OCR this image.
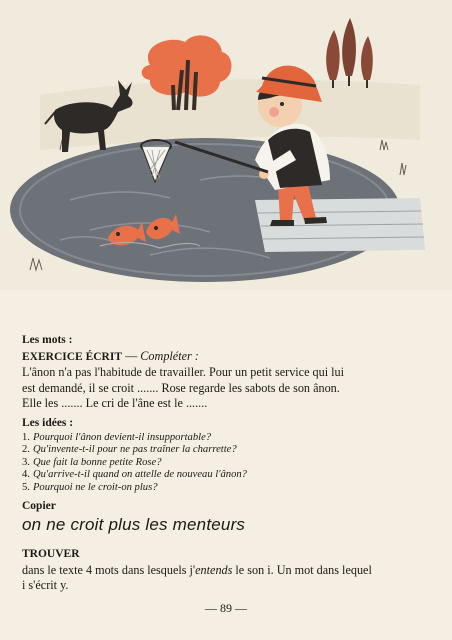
Les mots :
EXERCICE ÉCRIT — Compléter :
L'ânon n'a pas l'habitude de travailler. Pour un petit service qui lui
est demandé, il se croit ....... Rose regarde les sabots de son ânon.
Elle les ....... Le cri de l'âne est le .......
Les idées :
1. Pourquoi l'ânon devient-il insupportable?
2. Qu'invente-t-il pour ne pas traîner la charrette?
3. Que fait la bonne petite Rose?
4. Qu'arrive-t-il quand on attelle de nouveau l'ânon?
5. Pourquoi ne le croit-on plus?
Copier
on ne croit plus les menteurs
TROUVER
dans le texte 4 mots dans lesquels j'entends le son i. Un mot dans lequel
i s'écrit y.
— 89 —
